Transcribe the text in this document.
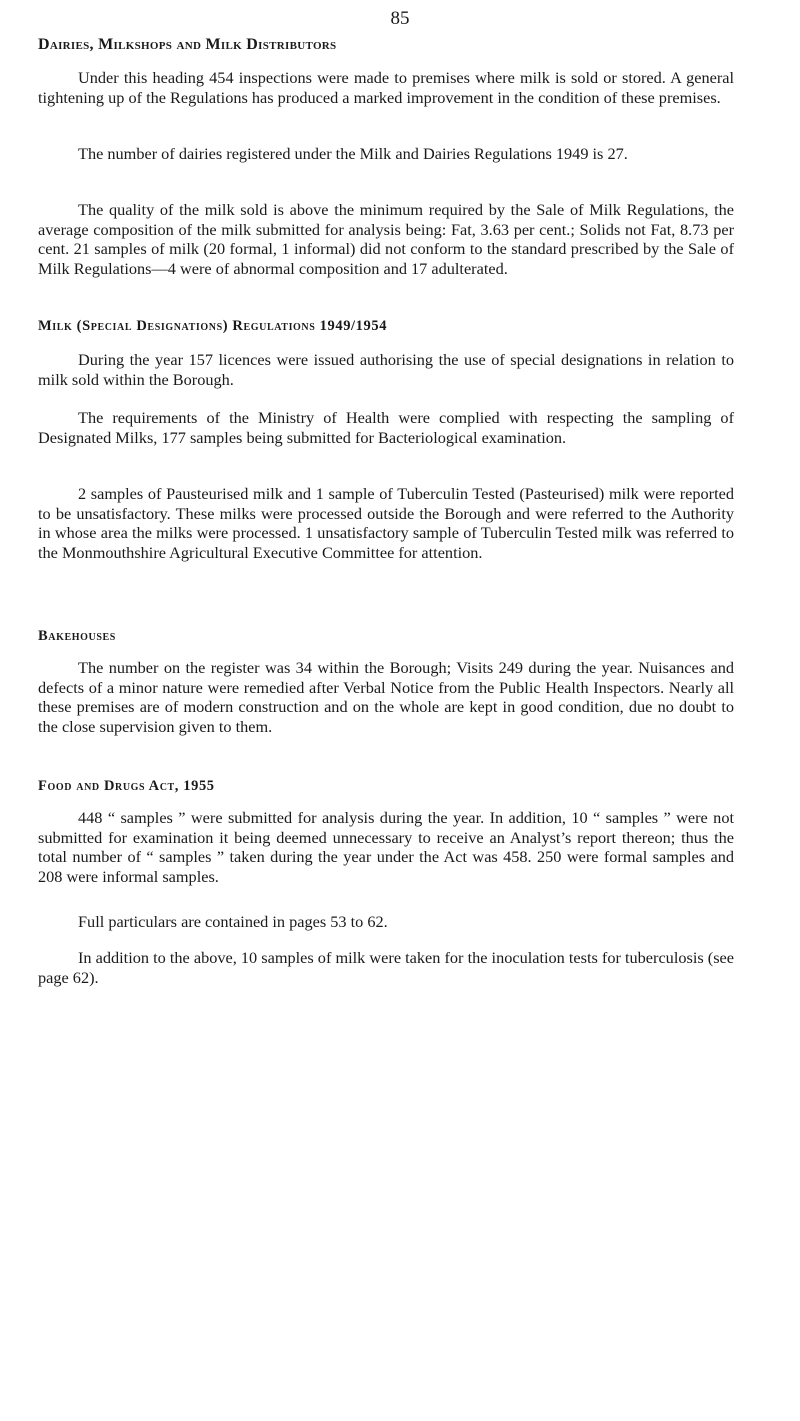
85
Dairies, Milkshops and Milk Distributors

Under this heading 454 inspections were made to premises where milk is sold or stored. A general tightening up of the Regulations has produced a marked improvement in the condition of these premises.

The number of dairies registered under the Milk and Dairies Regulations 1949 is 27.

The quality of the milk sold is above the minimum required by the Sale of Milk Regulations, the average composition of the milk submitted for analysis being: Fat, 3.63 per cent.; Solids not Fat, 8.73 per cent. 21 samples of milk (20 formal, 1 informal) did not conform to the standard prescribed by the Sale of Milk Regulations—4 were of abnormal composition and 17 adulterated.

Milk (Special Designations) Regulations 1949/1954

During the year 157 licences were issued authorising the use of special designations in relation to milk sold within the Borough.

The requirements of the Ministry of Health were complied with respecting the sampling of Designated Milks, 177 samples being submitted for Bacteriological examination.

2 samples of Pausteurised milk and 1 sample of Tuberculin Tested (Pasteurised) milk were reported to be unsatisfactory. These milks were processed outside the Borough and were referred to the Authority in whose area the milks were processed. 1 unsatisfactory sample of Tuberculin Tested milk was referred to the Monmouthshire Agricultural Executive Committee for attention.

Bakehouses

The number on the register was 34 within the Borough; Visits 249 during the year. Nuisances and defects of a minor nature were remedied after Verbal Notice from the Public Health Inspectors. Nearly all these premises are of modern construction and on the whole are kept in good condition, due no doubt to the close supervision given to them.

Food and Drugs Act, 1955

448 “ samples ” were submitted for analysis during the year. In addition, 10 “ samples ” were not submitted for examination it being deemed unnecessary to receive an Analyst’s report thereon; thus the total number of “ samples ” taken during the year under the Act was 458. 250 were formal samples and 208 were informal samples.

Full particulars are contained in pages 53 to 62.

In addition to the above, 10 samples of milk were taken for the inoculation tests for tuberculosis (see page 62).
